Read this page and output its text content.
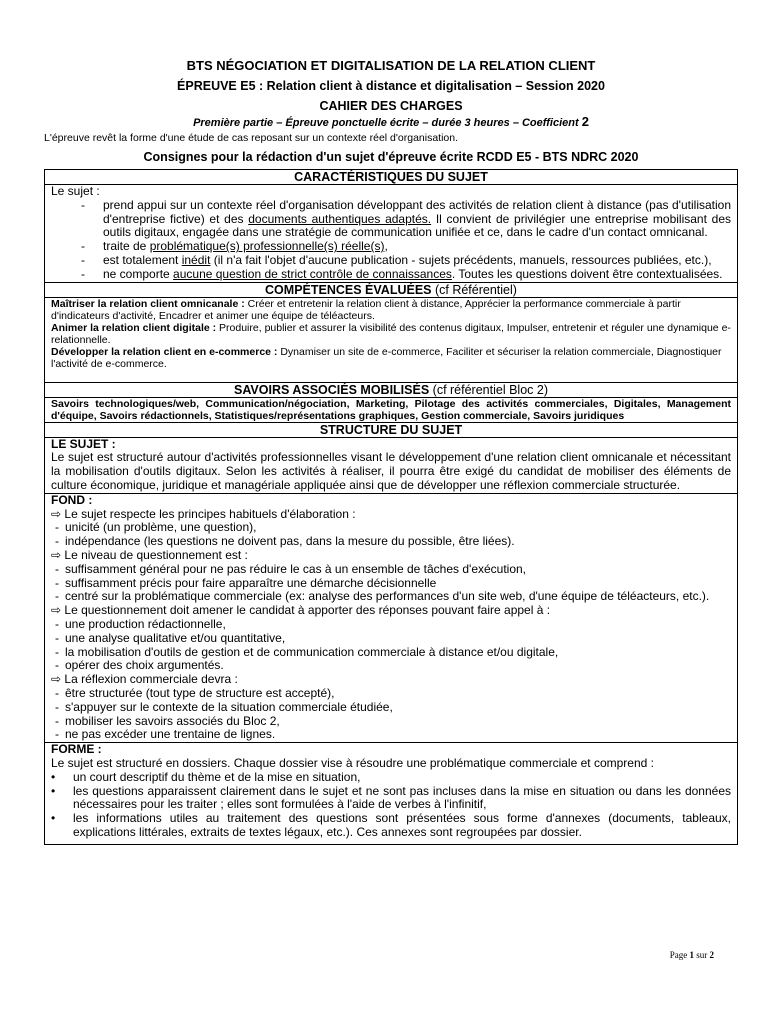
BTS NÉGOCIATION ET DIGITALISATION DE LA RELATION CLIENT
ÉPREUVE E5 : Relation client à distance et digitalisation – Session 2020
CAHIER DES CHARGES
Première partie – Épreuve ponctuelle écrite – durée 3 heures – Coefficient 2
L'épreuve revêt la forme d'une étude de cas reposant sur un contexte réel d'organisation.
Consignes pour la rédaction d'un sujet d'épreuve écrite RCDD E5 - BTS NDRC 2020
CARACTÉRISTIQUES DU SUJET

Le sujet :
- prend appui sur un contexte réel d'organisation développant des activités de relation client à distance (pas d'utilisation d'entreprise fictive) et des documents authentiques adaptés. Il convient de privilégier une entreprise mobilisant des outils digitaux, engagée dans une stratégie de communication unifiée et ce, dans le cadre d'un contact omnicanal.
- traite de problématique(s) professionnelle(s) réelle(s),
- est totalement inédit (il n'a fait l'objet d'aucune publication - sujets précédents, manuels, ressources publiées, etc.),
- ne comporte aucune question de strict contrôle de connaissances. Toutes les questions doivent être contextualisées.

COMPÉTENCES ÉVALUÉES (cf Référentiel)

Maîtriser la relation client omnicanale : Créer et entretenir la relation client à distance, Apprécier la performance commerciale à partir d'indicateurs d'activité, Encadrer et animer une équipe de téléacteurs.

Animer la relation client digitale : Produire, publier et assurer la visibilité des contenus digitaux, Impulser, entretenir et réguler une dynamique e-relationnelle.

Développer la relation client en e-commerce : Dynamiser un site de e-commerce, Faciliter et sécuriser la relation commerciale, Diagnostiquer l'activité de e-commerce.

SAVOIRS ASSOCIÉS MOBILISÉS (cf référentiel Bloc 2)
Savoirs technologiques/web, Communication/négociation, Marketing, Pilotage des activités commerciales, Digitales, Management d'équipe, Savoirs rédactionnels, Statistiques/représentations graphiques, Gestion commerciale, Savoirs juridiques
STRUCTURE DU SUJET

LE SUJET :
Le sujet est structuré autour d'activités professionnelles visant le développement d'une relation client omnicanale et nécessitant la mobilisation d'outils digitaux. Selon les activités à réaliser, il pourra être exigé du candidat de mobiliser des éléments de culture économique, juridique et managériale appliquée ainsi que de développer une réflexion commerciale structurée.

FOND :

⇨ Le sujet respecte les principes habituels d'élaboration :

- unicité (un problème, une question),
- indépendance (les questions ne doivent pas, dans la mesure du possible, être liées).

⇨ Le niveau de questionnement est :

- suffisamment général pour ne pas réduire le cas à un ensemble de tâches d'exécution,
- suffisamment précis pour faire apparaître une démarche décisionnelle
- centré sur la problématique commerciale (ex: analyse des performances d'un site web, d'une équipe de téléacteurs, etc.).

⇨ Le questionnement doit amener le candidat à apporter des réponses pouvant faire appel à :

- une production rédactionnelle,
- une analyse qualitative et/ou quantitative,
- la mobilisation d'outils de gestion et de communication commerciale à distance et/ou digitale,
- opérer des choix argumentés.

⇨ La réflexion commerciale devra :

- être structurée (tout type de structure est accepté),
- s'appuyer sur le contexte de la situation commerciale étudiée,
- mobiliser les savoirs associés du Bloc 2,
- ne pas excéder une trentaine de lignes.

FORME :
Le sujet est structuré en dossiers. Chaque dossier vise à résoudre une problématique commerciale et comprend :

• un court descriptif du thème et de la mise en situation,

• les questions apparaissent clairement dans le sujet et ne sont pas incluses dans la mise en situation ou dans les données nécessaires pour les traiter ; elles sont formulées à l'aide de verbes à l'infinitif,

• les informations utiles au traitement des questions sont présentées sous forme d'annexes (documents, tableaux, explications littérales, extraits de textes légaux, etc.). Ces annexes sont regroupées par dossier.

Page 1 sur 2
